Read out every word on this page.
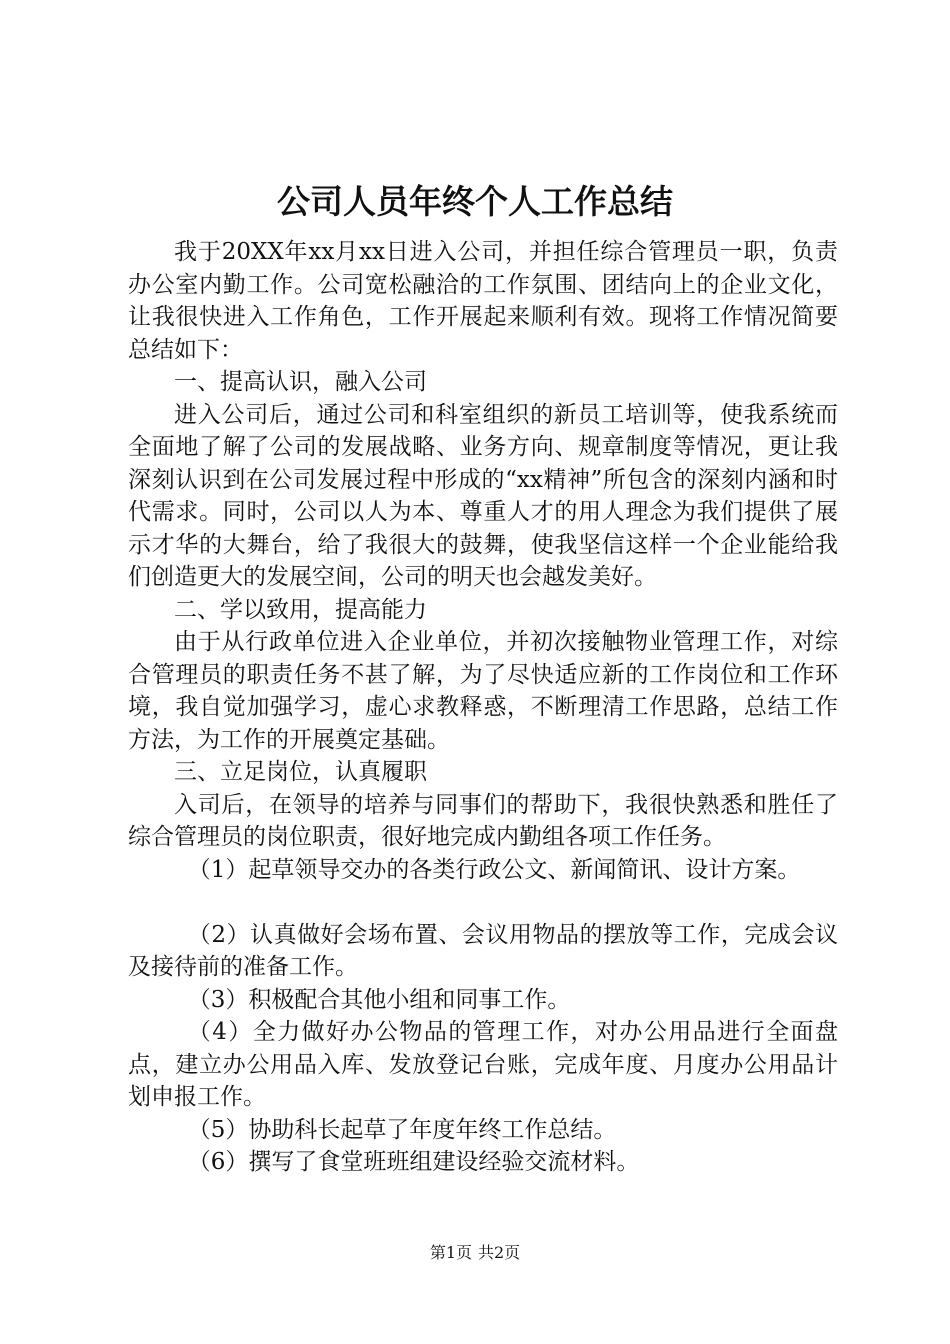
公司人员年终个人工作总结

我于20XX年xx月xx日进入公司，并担任综合管理员一职，负责办公室内勤工作。公司宽松融洽的工作氛围、团结向上的企业文化，让我很快进入工作角色，工作开展起来顺利有效。现将工作情况简要总结如下：

一、提高认识，融入公司

进入公司后，通过公司和科室组织的新员工培训等，使我系统而全面地了解了公司的发展战略、业务方向、规章制度等情况，更让我深刻认识到在公司发展过程中形成的“xx精神”所包含的深刻内涵和时代需求。同时，公司以人为本、尊重人才的用人理念为我们提供了展示才华的大舞台，给了我很大的鼓舞，使我坚信这样一个企业能给我们创造更大的发展空间，公司的明天也会越发美好。

二、学以致用，提高能力

由于从行政单位进入企业单位，并初次接触物业管理工作，对综合管理员的职责任务不甚了解，为了尽快适应新的工作岗位和工作环境，我自觉加强学习，虚心求教释惑，不断理清工作思路，总结工作方法，为工作的开展奠定基础。

三、立足岗位，认真履职

入司后，在领导的培养与同事们的帮助下，我很快熟悉和胜任了综合管理员的岗位职责，很好地完成内勤组各项工作任务。

（1）起草领导交办的各类行政公文、新闻简讯、设计方案。

（2）认真做好会场布置、会议用物品的摆放等工作，完成会议及接待前的准备工作。

（3）积极配合其他小组和同事工作。

（4）全力做好办公物品的管理工作，对办公用品进行全面盘点，建立办公用品入库、发放登记台账，完成年度、月度办公用品计划申报工作。

（5）协助科长起草了年度年终工作总结。

（6）撰写了食堂班班组建设经验交流材料。

第1页 共2页
